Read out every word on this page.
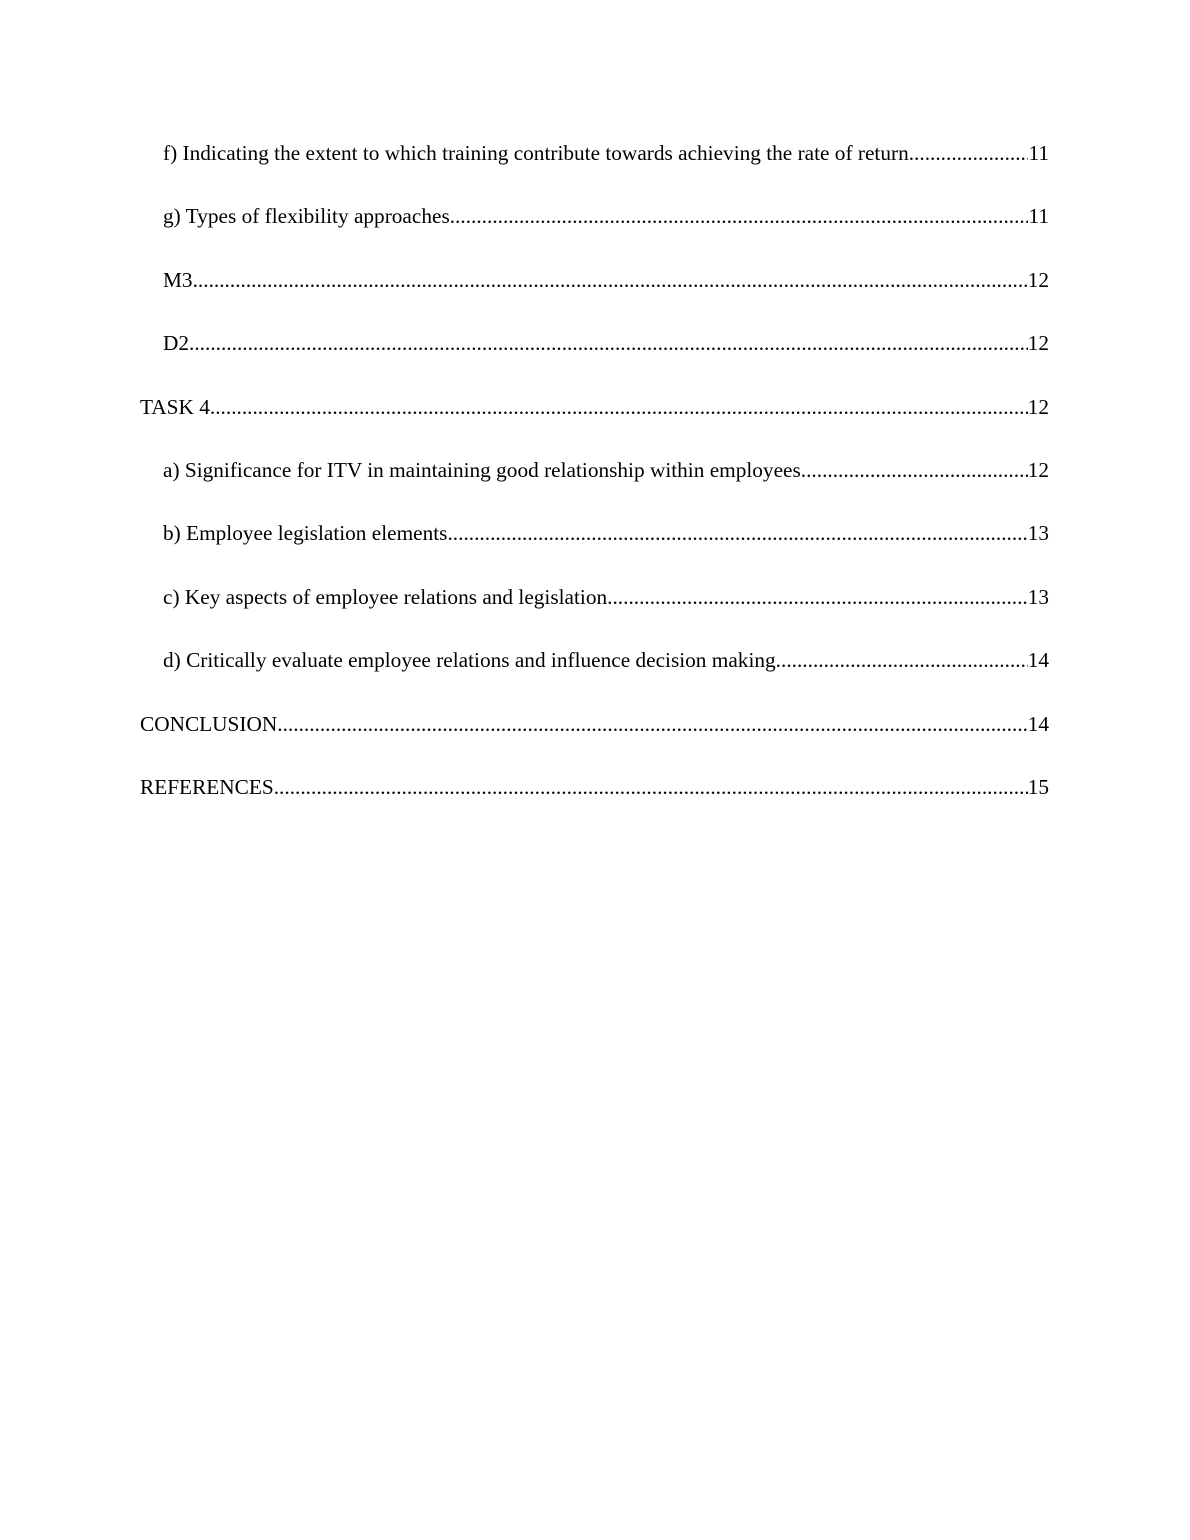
f) Indicating the extent to which training contribute towards achieving the rate of return .....	11
g) Types of flexibility approaches .....	11
M3 .....	12
D2 .....	12
TASK 4 .....	12
a) Significance for ITV in maintaining good relationship within employees .....	12
b) Employee legislation elements .....	13
c) Key aspects of employee relations and legislation .....	13
d) Critically evaluate employee relations and influence decision making .....	14
CONCLUSION .....	14
REFERENCES .....	15
